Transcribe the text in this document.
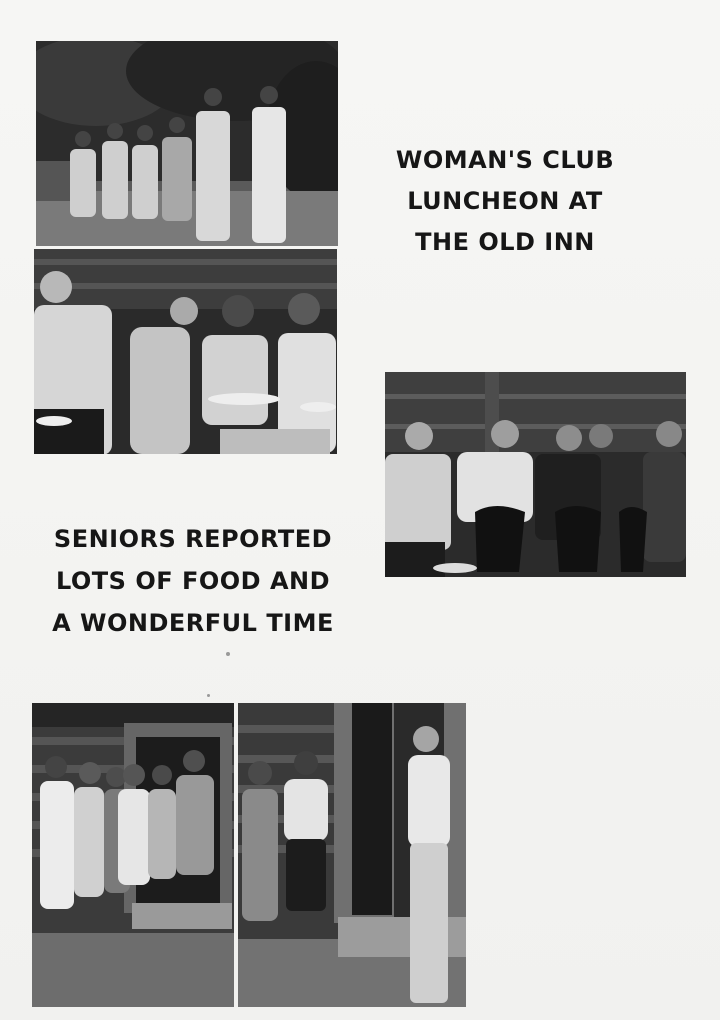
WOMAN'S CLUB
LUNCHEON AT
THE OLD INN
SENIORS REPORTED
LOTS OF FOOD AND
A WONDERFUL TIME
